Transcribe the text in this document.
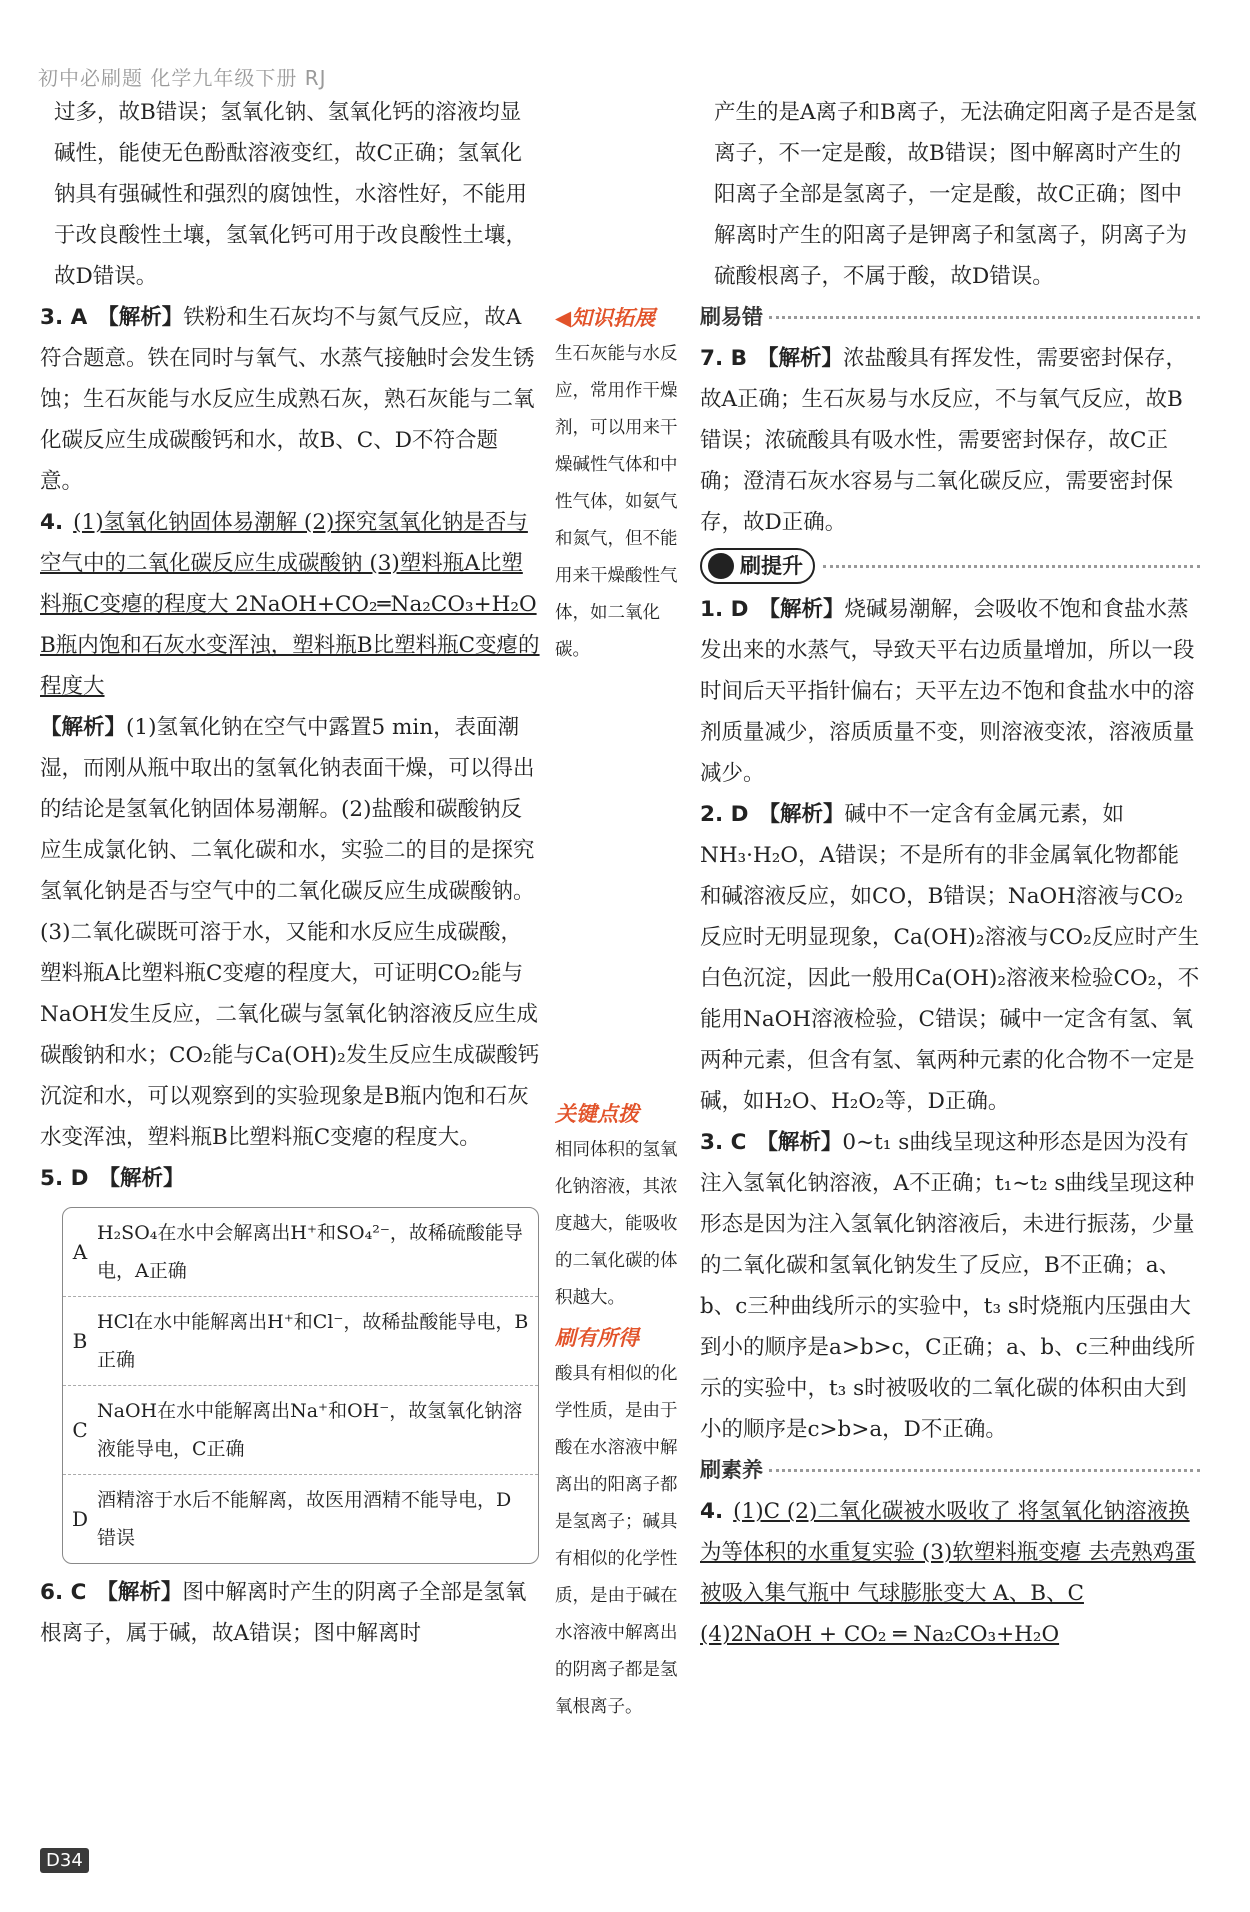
初中必刷题 化学九年级下册 RJ

过多，故B错误；氢氧化钠、氢氧化钙的溶液均显碱性，能使无色酚酞溶液变红，故C正确；氢氧化钠具有强碱性和强烈的腐蚀性，水溶性好，不能用于改良酸性土壤，氢氧化钙可用于改良酸性土壤，故D错误。

3. A 【解析】铁粉和生石灰均不与氮气反应，故A符合题意。铁在同时与氧气、水蒸气接触时会发生锈蚀；生石灰能与水反应生成熟石灰，熟石灰能与二氧化碳反应生成碳酸钙和水，故B、C、D不符合题意。

4. (1)氢氧化钠固体易潮解 (2)探究氢氧化钠是否与空气中的二氧化碳反应生成碳酸钠 (3)塑料瓶A比塑料瓶C变瘪的程度大 2NaOH+CO₂═Na₂CO₃+H₂O B瓶内饱和石灰水变浑浊，塑料瓶B比塑料瓶C变瘪的程度大

【解析】(1)氢氧化钠在空气中露置5 min，表面潮湿，而刚从瓶中取出的氢氧化钠表面干燥，可以得出的结论是氢氧化钠固体易潮解。(2)盐酸和碳酸钠反应生成氯化钠、二氧化碳和水，实验二的目的是探究氢氧化钠是否与空气中的二氧化碳反应生成碳酸钠。(3)二氧化碳既可溶于水，又能和水反应生成碳酸，塑料瓶A比塑料瓶C变瘪的程度大，可证明CO₂能与NaOH发生反应，二氧化碳与氢氧化钠溶液反应生成碳酸钠和水；CO₂能与Ca(OH)₂发生反应生成碳酸钙沉淀和水，可以观察到的实验现象是B瓶内饱和石灰水变浑浊，塑料瓶B比塑料瓶C变瘪的程度大。

5. D 【解析】

A
H₂SO₄在水中会解离出H⁺和SO₄²⁻，故稀硫酸能导电，A正确
B
HCl在水中能解离出H⁺和Cl⁻，故稀盐酸能导电，B正确
C
NaOH在水中能解离出Na⁺和OH⁻，故氢氧化钠溶液能导电，C正确
D
酒精溶于水后不能解离，故医用酒精不能导电，D错误

6. C 【解析】图中解离时产生的阴离子全部是氢氧根离子，属于碱，故A错误；图中解离时

◀知识拓展
生石灰能与水反应，常用作干燥剂，可以用来干燥碱性气体和中性气体，如氨气和氮气，但不能用来干燥酸性气体，如二氧化碳。
关键点拨
相同体积的氢氧化钠溶液，其浓度越大，能吸收的二氧化碳的体积越大。
刷有所得
酸具有相似的化学性质，是由于酸在水溶液中解离出的阳离子都是氢离子；碱具有相似的化学性质，是由于碱在水溶液中解离出的阴离子都是氢氧根离子。

产生的是A离子和B离子，无法确定阳离子是否是氢离子，不一定是酸，故B错误；图中解离时产生的阳离子全部是氢离子，一定是酸，故C正确；图中解离时产生的阳离子是钾离子和氢离子，阴离子为硫酸根离子，不属于酸，故D错误。

刷易错

7. B 【解析】浓盐酸具有挥发性，需要密封保存，故A正确；生石灰易与水反应，不与氧气反应，故B错误；浓硫酸具有吸水性，需要密封保存，故C正确；澄清石灰水容易与二氧化碳反应，需要密封保存，故D正确。

刷提升

1. D 【解析】烧碱易潮解，会吸收不饱和食盐水蒸发出来的水蒸气，导致天平右边质量增加，所以一段时间后天平指针偏右；天平左边不饱和食盐水中的溶剂质量减少，溶质质量不变，则溶液变浓，溶液质量减少。

2. D 【解析】碱中不一定含有金属元素，如NH₃·H₂O，A错误；不是所有的非金属氧化物都能和碱溶液反应，如CO，B错误；NaOH溶液与CO₂反应时无明显现象，Ca(OH)₂溶液与CO₂反应时产生白色沉淀，因此一般用Ca(OH)₂溶液来检验CO₂，不能用NaOH溶液检验，C错误；碱中一定含有氢、氧两种元素，但含有氢、氧两种元素的化合物不一定是碱，如H₂O、H₂O₂等，D正确。

3. C 【解析】0~t₁ s曲线呈现这种形态是因为没有注入氢氧化钠溶液，A不正确；t₁~t₂ s曲线呈现这种形态是因为注入氢氧化钠溶液后，未进行振荡，少量的二氧化碳和氢氧化钠发生了反应，B不正确；a、b、c三种曲线所示的实验中，t₃ s时烧瓶内压强由大到小的顺序是a>b>c，C正确；a、b、c三种曲线所示的实验中，t₃ s时被吸收的二氧化碳的体积由大到小的顺序是c>b>a，D不正确。

刷素养

4. (1)C (2)二氧化碳被水吸收了 将氢氧化钠溶液换为等体积的水重复实验 (3)软塑料瓶变瘪 去壳熟鸡蛋被吸入集气瓶中 气球膨胀变大 A、B、C (4)2NaOH + CO₂ ═ Na₂CO₃+H₂O

D34
